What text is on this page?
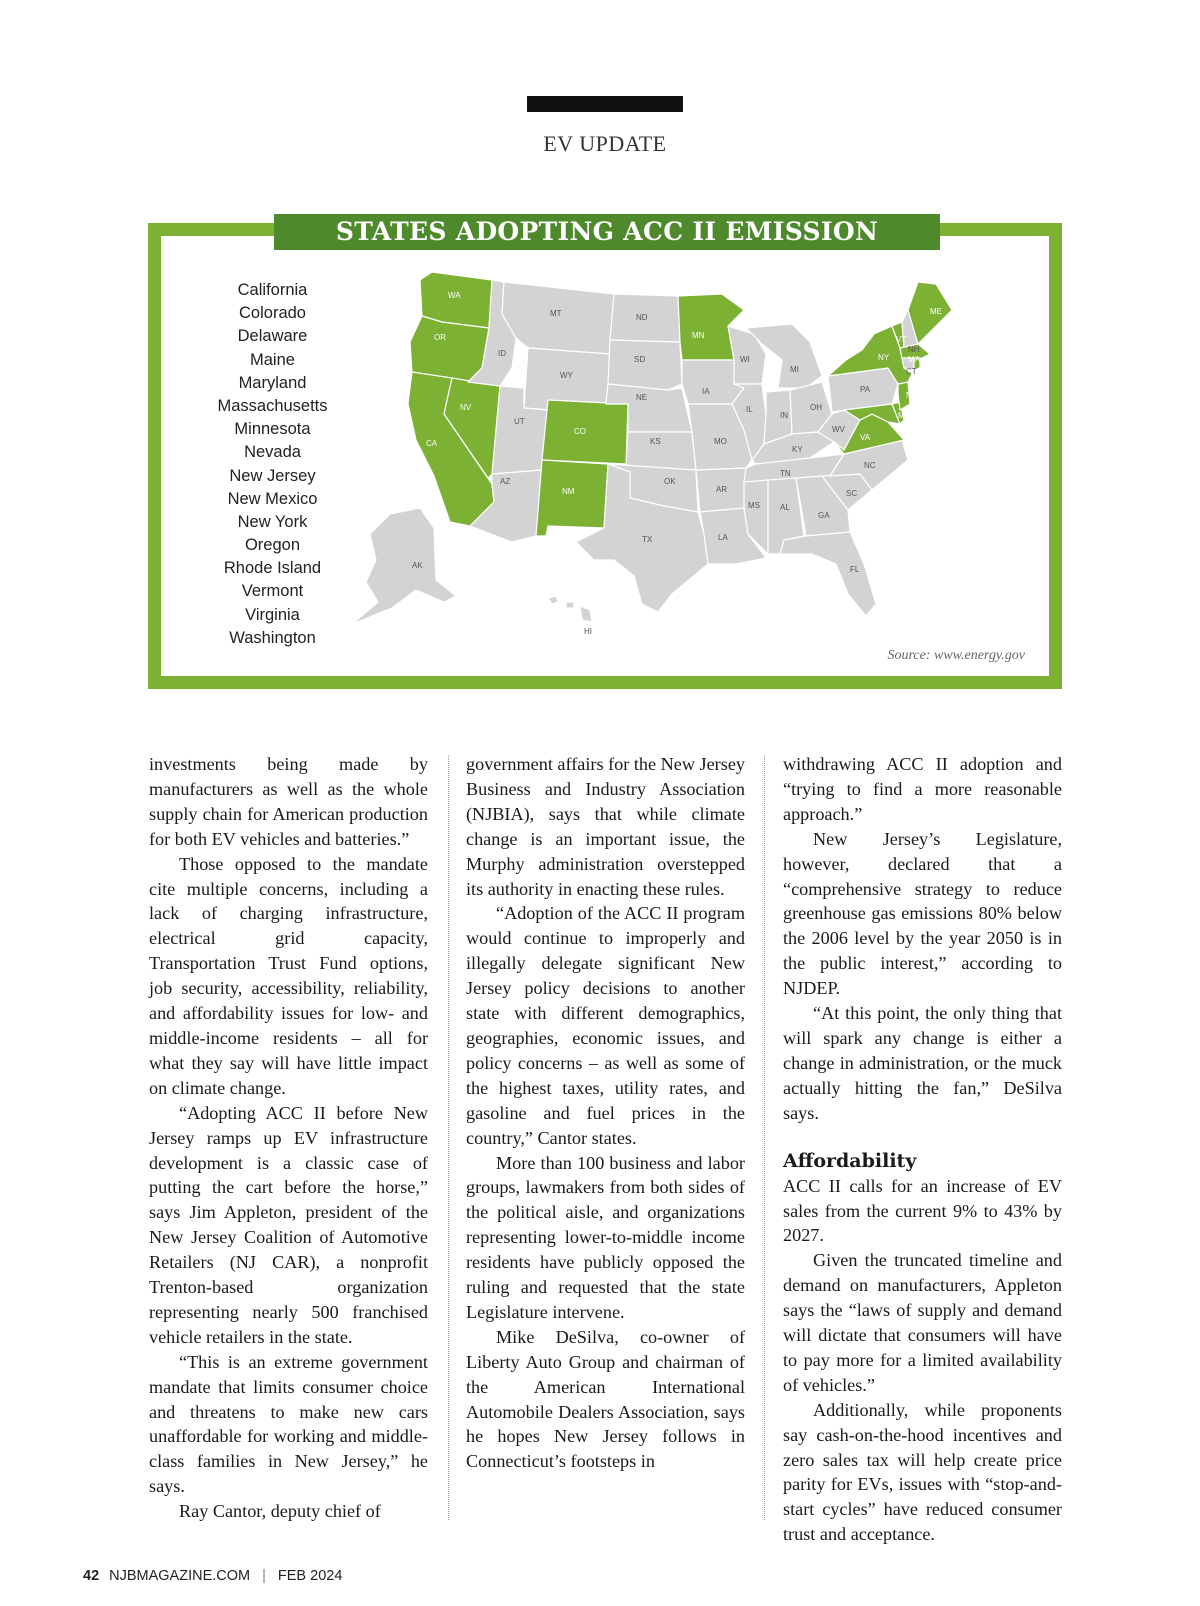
EV UPDATE
STATES ADOPTING ACC II EMISSION STANDARDS
California
Colorado
Delaware
Maine
Maryland
Massachusetts
Minnesota
Nevada
New Jersey
New Mexico
New York
Oregon
Rhode Island
Vermont
Virginia
Washington
WA
OR
CA
NV
ID
MT
WY
UT
AZ
CO
NM
ND
SD
NE
KS
OK
TX
MN
IA
MO
AR
LA
WI
IL
MI
IN
OH
KY
TN
MS	AL
GA
FL
SC
NC
VA
WV
PA
NY
VT
NH
ME
MA
CT
NJ
MD
AK
HI
Source: www.energy.gov

investments being made by manufacturers as well as the whole supply chain for American production for both EV vehicles and batteries.”

Those opposed to the mandate cite multiple concerns, including a lack of charging infrastructure, electrical grid capacity, Transportation Trust Fund options, job security, accessibility, reliability, and affordability issues for low- and middle-income residents – all for what they say will have little impact on climate change.

“Adopting ACC II before New Jersey ramps up EV infrastructure development is a classic case of putting the cart before the horse,” says Jim Appleton, president of the New Jersey Coalition of Automotive Retailers (NJ CAR), a nonprofit Trenton-based organization representing nearly 500 franchised vehicle retailers in the state.

“This is an extreme government mandate that limits consumer choice and threatens to make new cars unaffordable for working and middle-class families in New Jersey,” he says.

Ray Cantor, deputy chief of

government affairs for the New Jersey Business and Industry Association (NJBIA), says that while climate change is an important issue, the Murphy administration overstepped its authority in enacting these rules.

“Adoption of the ACC II program would continue to improperly and illegally delegate significant New Jersey policy decisions to another state with different demographics, geographies, economic issues, and policy concerns – as well as some of the highest taxes, utility rates, and gasoline and fuel prices in the country,” Cantor states.

More than 100 business and labor groups, lawmakers from both sides of the political aisle, and organizations representing lower-to-middle income residents have publicly opposed the ruling and requested that the state Legislature intervene.

Mike DeSilva, co-owner of Liberty Auto Group and chairman of the American International Automobile Dealers Association, says he hopes New Jersey follows in Connecticut’s footsteps in

withdrawing ACC II adoption and “trying to find a more reasonable approach.”

New Jersey’s Legislature, however, declared that a “comprehensive strategy to reduce greenhouse gas emissions 80% below the 2006 level by the year 2050 is in the public interest,” according to NJDEP.

“At this point, the only thing that will spark any change is either a change in administration, or the muck actually hitting the fan,” DeSilva says.

Affordability

ACC II calls for an increase of EV sales from the current 9% to 43% by 2027.

Given the truncated timeline and demand on manufacturers, Appleton says the “laws of supply and demand will dictate that consumers will have to pay more for a limited availability of vehicles.”

Additionally, while proponents say cash-on-the-hood incentives and zero sales tax will help create price parity for EVs, issues with “stop-and-start cycles” have reduced consumer trust and acceptance.

42 NJBMAGAZINE.COM | FEB 2024
